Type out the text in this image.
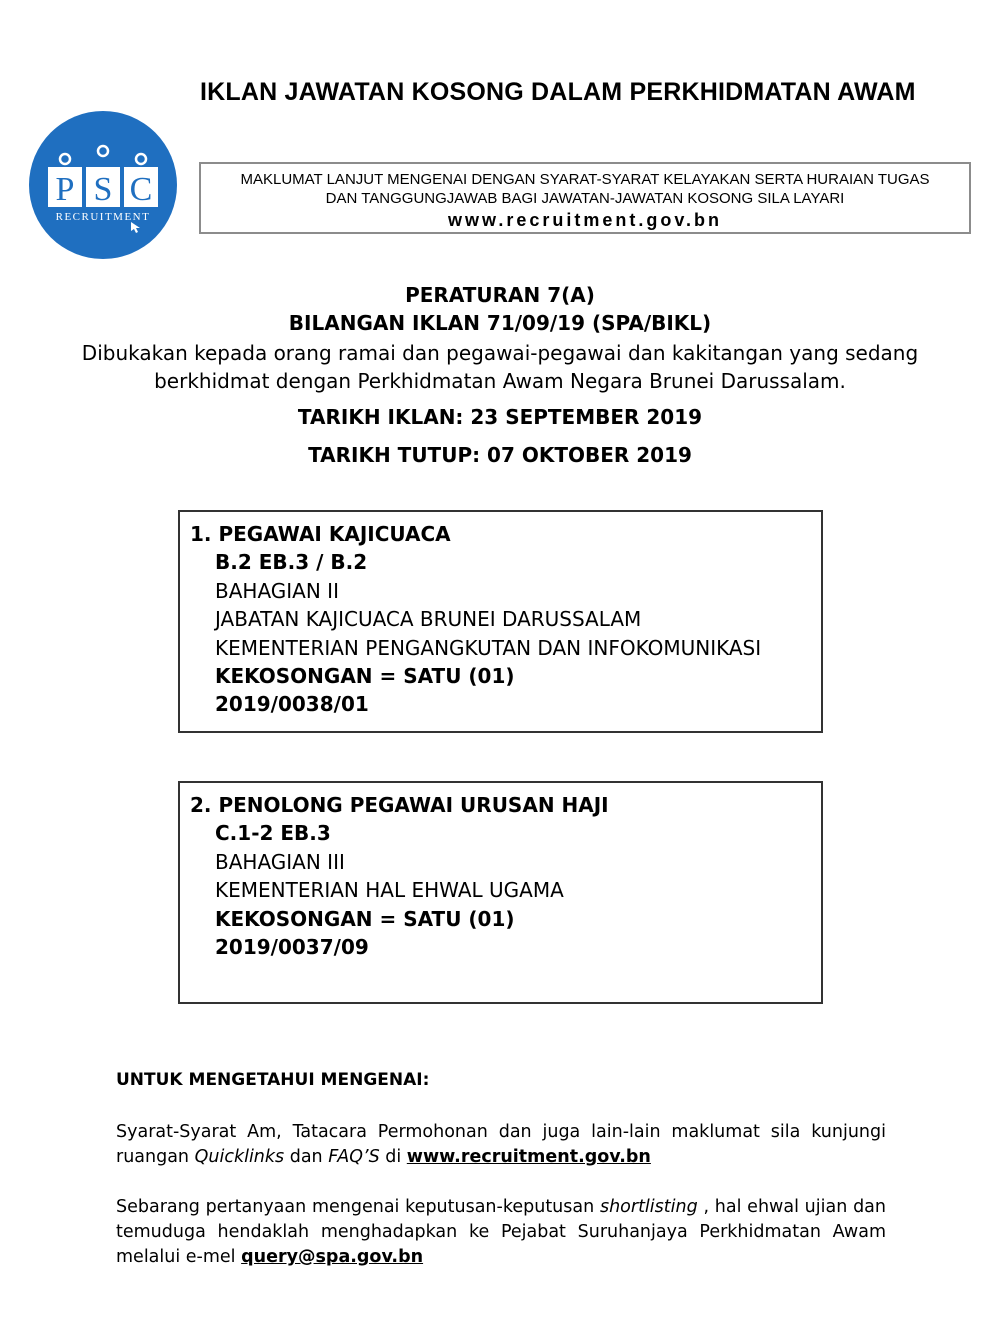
IKLAN JAWATAN KOSONG DALAM PERKHIDMATAN AWAM
P S C
RECRUITMENT
MAKLUMAT LANJUT MENGENAI DENGAN SYARAT-SYARAT KELAYAKAN SERTA HURAIAN TUGAS
DAN TANGGUNGJAWAB BAGI JAWATAN-JAWATAN KOSONG SILA LAYARI
www.recruitment.gov.bn
PERATURAN 7(A)
BILANGAN IKLAN 71/09/19 (SPA/BIKL)
Dibukakan kepada orang ramai dan pegawai-pegawai dan kakitangan yang sedang
berkhidmat dengan Perkhidmatan Awam Negara Brunei Darussalam.
TARIKH IKLAN: 23 SEPTEMBER 2019
TARIKH TUTUP: 07 OKTOBER 2019
1. PEGAWAI KAJICUACA
B.2 EB.3 / B.2
BAHAGIAN II
JABATAN KAJICUACA BRUNEI DARUSSALAM
KEMENTERIAN PENGANGKUTAN DAN INFOKOMUNIKASI
KEKOSONGAN = SATU (01)
2019/0038/01
2. PENOLONG PEGAWAI URUSAN HAJI
C.1-2 EB.3
BAHAGIAN III
KEMENTERIAN HAL EHWAL UGAMA
KEKOSONGAN = SATU (01)
2019/0037/09
UNTUK MENGETAHUI MENGENAI:
Syarat-Syarat Am, Tatacara Permohonan dan juga lain-lain maklumat sila kunjungi ruangan Quicklinks dan FAQ’S di www.recruitment.gov.bn
Sebarang pertanyaan mengenai keputusan-keputusan shortlisting , hal ehwal ujian dan temuduga hendaklah menghadapkan ke Pejabat Suruhanjaya Perkhidmatan Awam melalui e-mel query@spa.gov.bn
